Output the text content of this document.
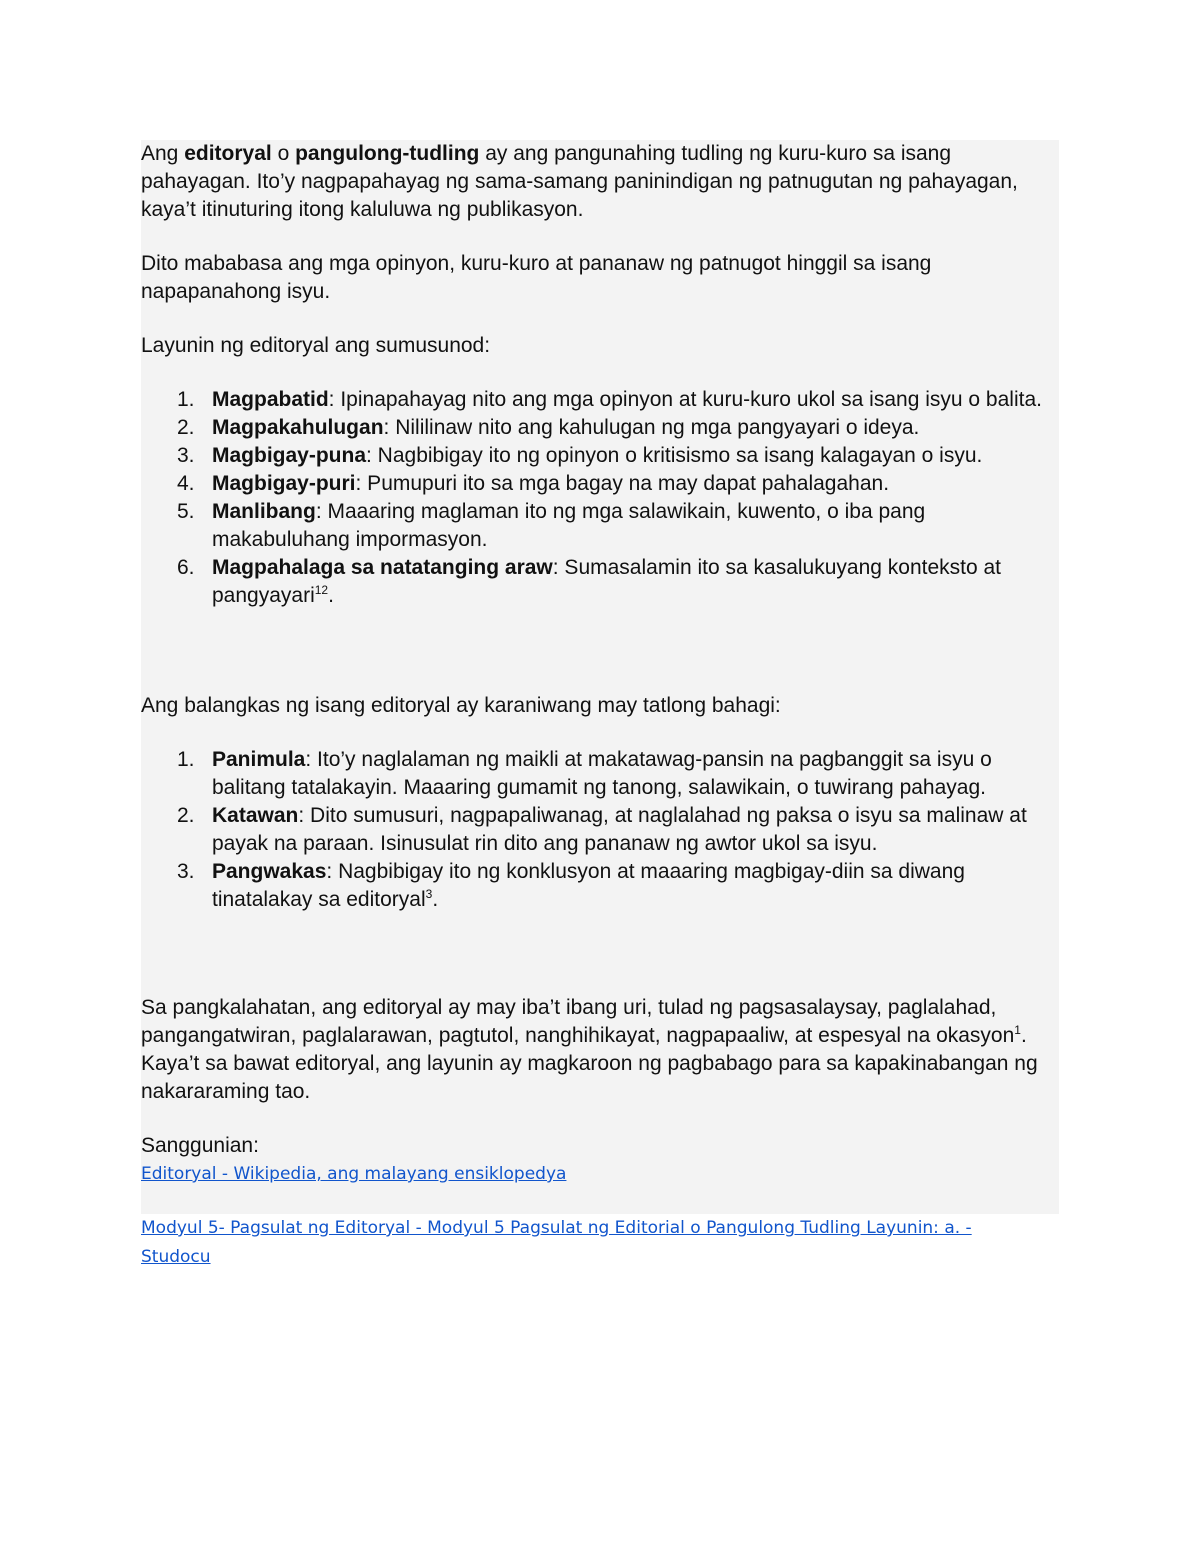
Ang editoryal o pangulong-tudling ay ang pangunahing tudling ng kuru-kuro sa isang pahayagan. Ito’y nagpapahayag ng sama-samang paninindigan ng patnugutan ng pahayagan, kaya’t itinuturing itong kaluluwa ng publikasyon.

Dito mababasa ang mga opinyon, kuru-kuro at pananaw ng patnugot hinggil sa isang napapanahong isyu.

Layunin ng editoryal ang sumusunod:

1. Magpabatid: Ipinapahayag nito ang mga opinyon at kuru-kuro ukol sa isang isyu o balita.
2. Magpakahulugan: Nililinaw nito ang kahulugan ng mga pangyayari o ideya.
3. Magbigay-puna: Nagbibigay ito ng opinyon o kritisismo sa isang kalagayan o isyu.
4. Magbigay-puri: Pumupuri ito sa mga bagay na may dapat pahalagahan.
5. Manlibang: Maaaring maglaman ito ng mga salawikain, kuwento, o iba pang makabuluhang impormasyon.
6. Magpahalaga sa natatanging araw: Sumasalamin ito sa kasalukuyang konteksto at pangyayari$^{12}$.

Ang balangkas ng isang editoryal ay karaniwang may tatlong bahagi:

1. Panimula: Ito’y naglalaman ng maikli at makatawag-pansin na pagbanggit sa isyu o balitang tatalakayin. Maaaring gumamit ng tanong, salawikain, o tuwirang pahayag.
2. Katawan: Dito sumusuri, nagpapaliwanag, at naglalahad ng paksa o isyu sa malinaw at payak na paraan. Isinusulat rin dito ang pananaw ng awtor ukol sa isyu.
3. Pangwakas: Nagbibigay ito ng konklusyon at maaaring magbigay-diin sa diwang tinatalakay sa editoryal$^3$.

Sa pangkalahatan, ang editoryal ay may iba’t ibang uri, tulad ng pagsasalaysay, paglalahad, pangangatwiran, paglalarawan, pagtutol, nanghihikayat, nagpapaaliw, at espesyal na okasyon$^1$. Kaya’t sa bawat editoryal, ang layunin ay magkaroon ng pagbabago para sa kapakinabangan ng nakararaming tao.

Sanggunian:

Editoryal - Wikipedia, ang malayang ensiklopedya
Modyul 5- Pagsulat ng Editoryal - Modyul 5 Pagsulat ng Editorial o Pangulong Tudling Layunin: a. - Studocu
